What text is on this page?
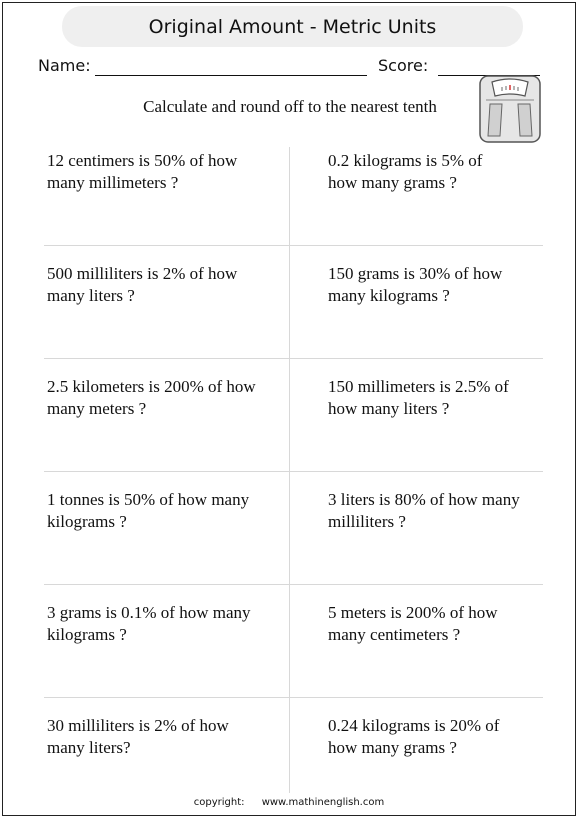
Original Amount - Metric Units
Name:	Score:
Calculate and round off to the nearest tenth
12 centimers is 50% of how
many millimeters ?
0.2 kilograms is 5% of
how many grams ?
500 milliliters is 2% of how
many liters ?
150 grams is 30% of how
many kilograms ?
2.5 kilometers is 200% of how
many meters ?
150 millimeters is 2.5% of
how many liters ?
1 tonnes is 50% of how many
kilograms ?
3 liters is 80% of how many
milliliters ?
3 grams is 0.1% of how many
kilograms ?
5 meters is 200% of how
many centimeters ?
30 milliliters is 2% of how
many liters?
0.24 kilograms is 20% of
how many grams ?
copyright: www.mathinenglish.com
